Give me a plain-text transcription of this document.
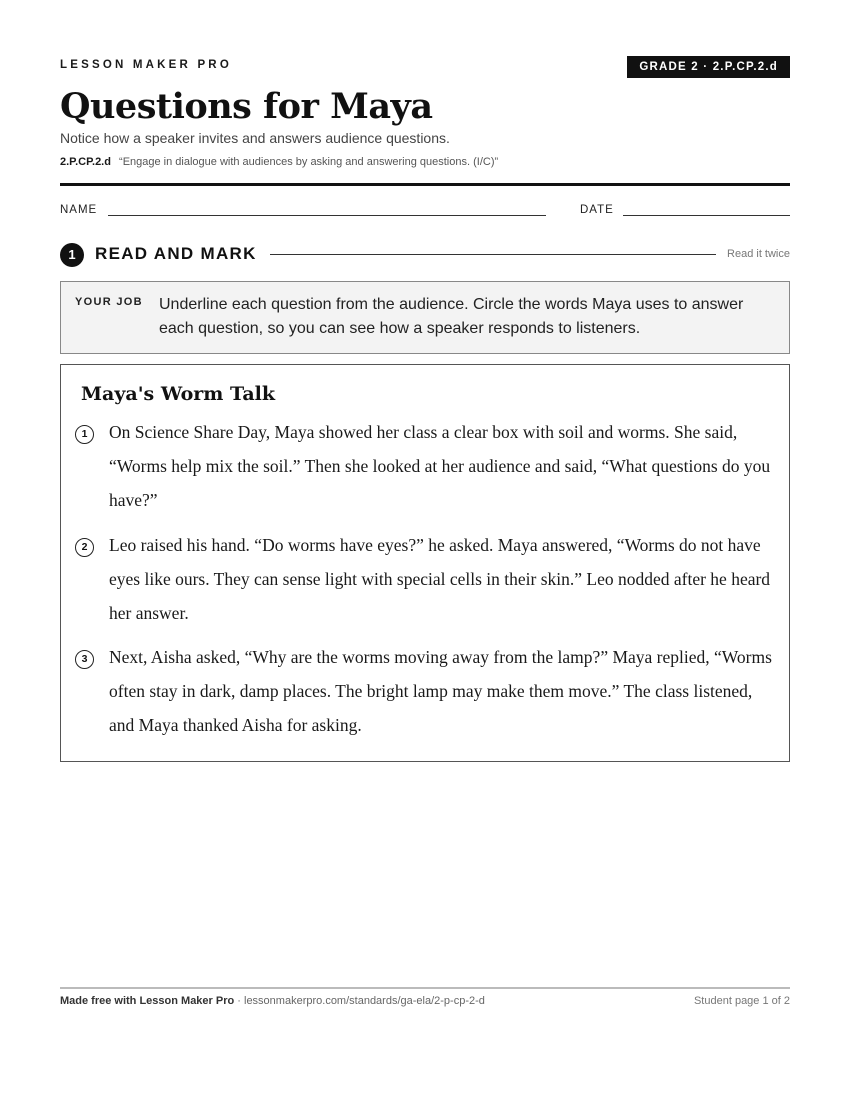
LESSON MAKER PRO	GRADE 2 · 2.P.CP.2.d
Questions for Maya
Notice how a speaker invites and answers audience questions.
2.P.CP.2.d “Engage in dialogue with audiences by asking and answering questions. (I/C)”
NAME	DATE
1	READ AND MARK	Read it twice
YOUR JOB Underline each question from the audience. Circle the words Maya uses to answer each question, so you can see how a speaker responds to listeners.
Maya's Worm Talk
1	On Science Share Day, Maya showed her class a clear box with soil and worms. She said, “Worms help mix the soil.” Then she looked at her audience and said, “What questions do you have?”
2	Leo raised his hand. “Do worms have eyes?” he asked. Maya answered, “Worms do not have eyes like ours. They can sense light with special cells in their skin.” Leo nodded after he heard her answer.
3	Next, Aisha asked, “Why are the worms moving away from the lamp?” Maya replied, “Worms often stay in dark, damp places. The bright lamp may make them move.” The class listened, and Maya thanked Aisha for asking.
Made free with Lesson Maker Pro · lessonmakerpro.com/standards/ga-ela/2-p-cp-2-d	Student page 1 of 2
